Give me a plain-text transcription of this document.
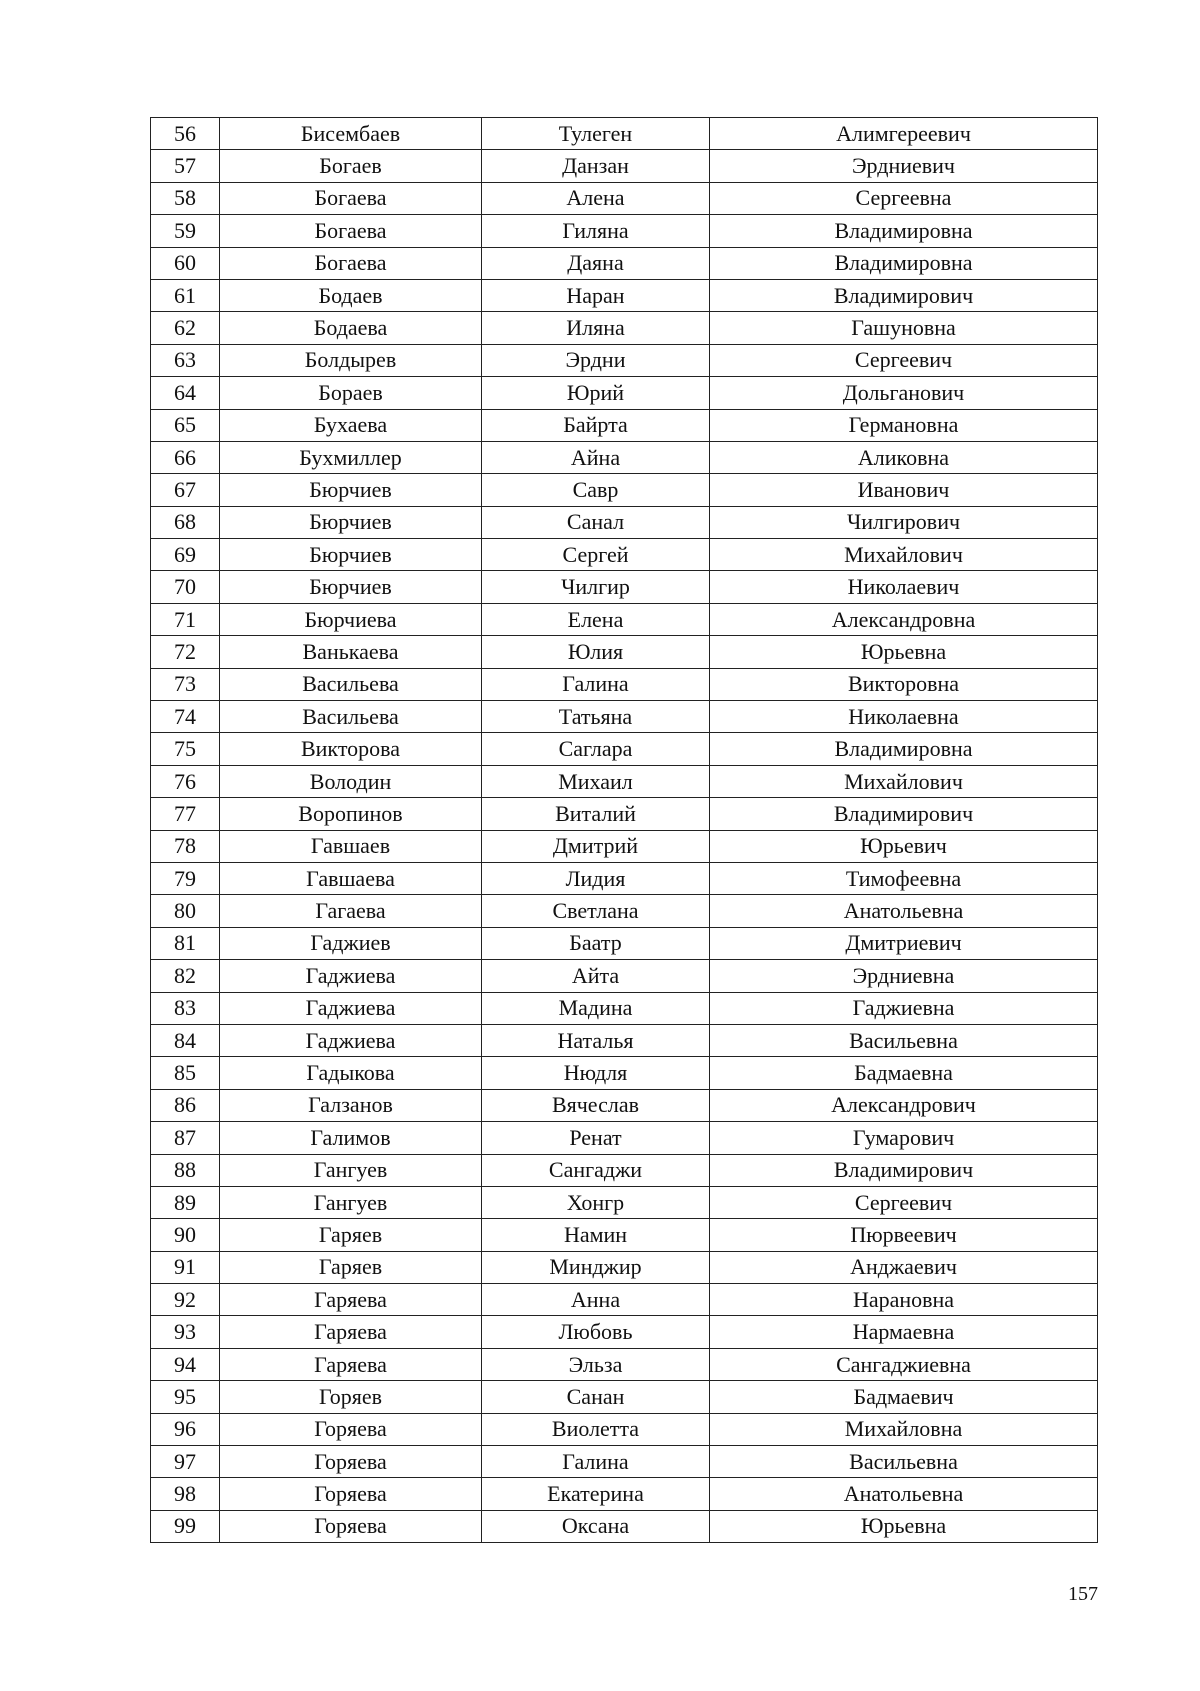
56	Бисембаев	Тулеген	Алимгереевич
57	Богаев	Данзан	Эрдниевич
58	Богаева	Алена	Сергеевна
59	Богаева	Гиляна	Владимировна
60	Богаева	Даяна	Владимировна
61	Бодаев	Наран	Владимирович
62	Бодаева	Иляна	Гашуновна
63	Болдырев	Эрдни	Сергеевич
64	Бораев	Юрий	Дольганович
65	Бухаева	Байрта	Германовна
66	Бухмиллер	Айна	Аликовна
67	Бюрчиев	Савр	Иванович
68	Бюрчиев	Санал	Чилгирович
69	Бюрчиев	Сергей	Михайлович
70	Бюрчиев	Чилгир	Николаевич
71	Бюрчиева	Елена	Александровна
72	Ванькаева	Юлия	Юрьевна
73	Васильева	Галина	Викторовна
74	Васильева	Татьяна	Николаевна
75	Викторова	Саглара	Владимировна
76	Володин	Михаил	Михайлович
77	Воропинов	Виталий	Владимирович
78	Гавшаев	Дмитрий	Юрьевич
79	Гавшаева	Лидия	Тимофеевна
80	Гагаева	Светлана	Анатольевна
81	Гаджиев	Баатр	Дмитриевич
82	Гаджиева	Айта	Эрдниевна
83	Гаджиева	Мадина	Гаджиевна
84	Гаджиева	Наталья	Васильевна
85	Гадыкова	Нюдля	Бадмаевна
86	Галзанов	Вячеслав	Александрович
87	Галимов	Ренат	Гумарович
88	Гангуев	Сангаджи	Владимирович
89	Гангуев	Хонгр	Сергеевич
90	Гаряев	Намин	Пюрвеевич
91	Гаряев	Минджир	Анджаевич
92	Гаряева	Анна	Нарановна
93	Гаряева	Любовь	Нармаевна
94	Гаряева	Эльза	Сангаджиевна
95	Горяев	Санан	Бадмаевич
96	Горяева	Виолетта	Михайловна
97	Горяева	Галина	Васильевна
98	Горяева	Екатерина	Анатольевна
99	Горяева	Оксана	Юрьевна
157
